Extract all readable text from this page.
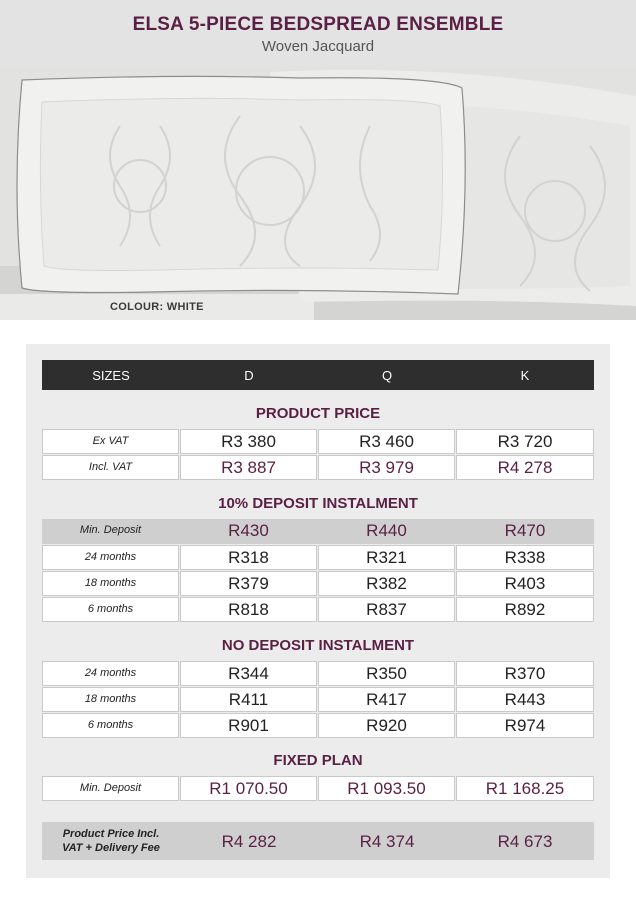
ELSA 5-PIECE BEDSPREAD ENSEMBLE
Woven Jacquard
COLOUR: WHITE
SIZES	D	Q	K
PRODUCT PRICE
Ex VAT	R3 380	R3 460	R3 720
Incl. VAT	R3 887	R3 979	R4 278
10% DEPOSIT INSTALMENT
Min. Deposit	R430	R440	R470
24 months	R318	R321	R338
18 months	R379	R382	R403
6 months	R818	R837	R892
NO DEPOSIT INSTALMENT
24 months	R344	R350	R370
18 months	R411	R417	R443
6 months	R901	R920	R974
FIXED PLAN
Min. Deposit	R1 070.50	R1 093.50	R1 168.25
Product Price Incl.
VAT + Delivery Fee	R4 282	R4 374	R4 673
